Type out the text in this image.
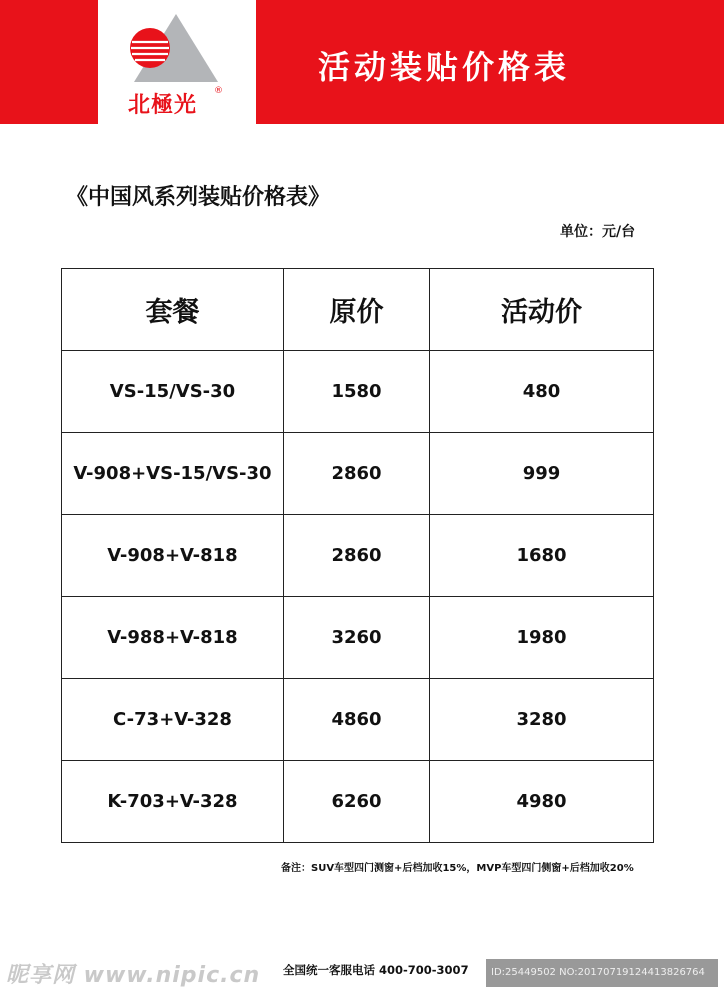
北極光
®
活动装贴价格表
《中国风系列装贴价格表》
单位：元/台
套餐	原价	活动价
VS-15/VS-30	1580	480
V-908+VS-15/VS-30	2860	999
V-908+V-818	2860	1680
V-988+V-818	3260	1980
C-73+V-328	4860	3280
K-703+V-328	6260	4980
备注：SUV车型四门测窗+后档加收15%，MVP车型四门侧窗+后档加收20%
全国统一客服电话 400-700-3007
昵享网 www.nipic.cn	ID:25449502 NO:20170719124413826764
